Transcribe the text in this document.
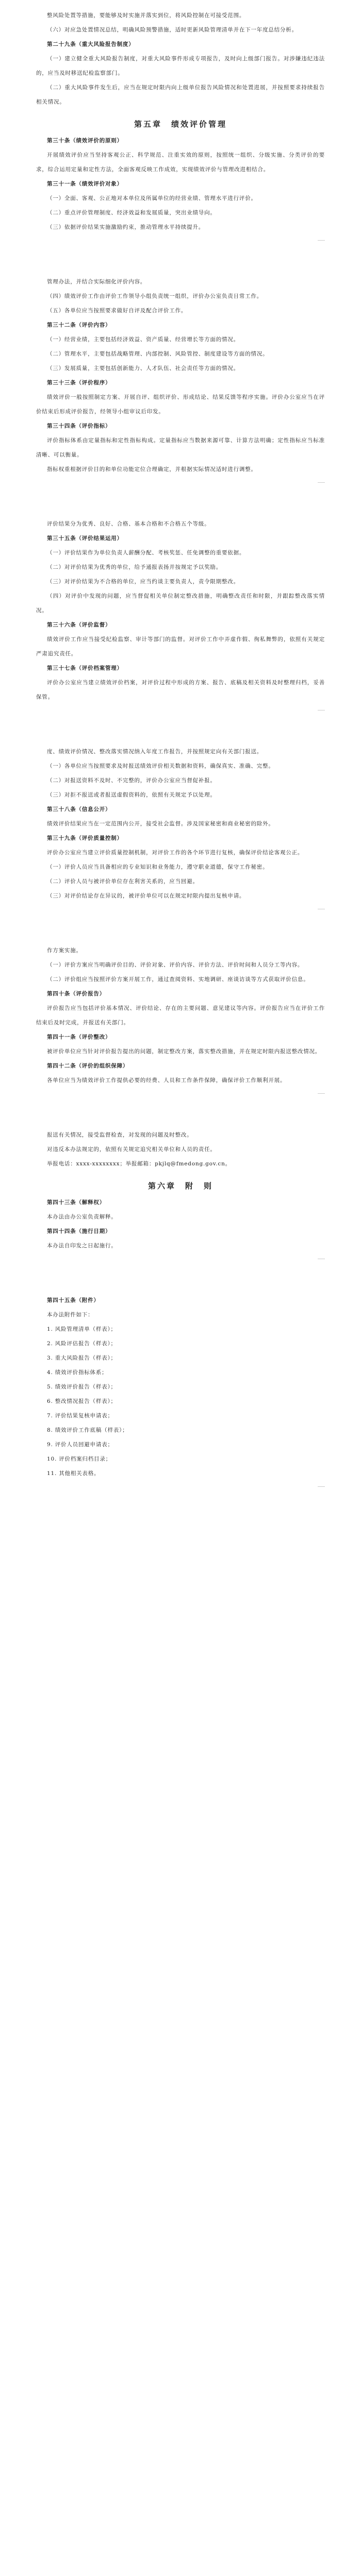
整风险处置等措施，要能够及时实施并落实到位，将风险控制在可接受范围。

（六）对应急处置情况总结，明确风险预警措施，适时更新风险管理清单并在下一年度总结分析。

第二十九条（重大风险报告制度）

（一）建立健全重大风险报告制度，对重大风险事件形成专项报告，及时向上级部门报告。对涉嫌违纪违法的，应当及时移送纪检监察部门。

（二）重大风险事件发生后，应当在规定时限内向上级单位报告风险情况和处置进展，并按照要求持续报告相关情况。

第五章　绩效评价管理

第三十条（绩效评价的原则）

开展绩效评价应当坚持客观公正、科学规范、注重实效的原则，按照统一组织、分级实施、分类评价的要求，综合运用定量和定性方法，全面客观反映工作成效，实现绩效评价与管理改进相结合。

第三十一条（绩效评价对象）

（一）全面、客观、公正地对本单位及所属单位的经营业绩、管理水平进行评价。

（二）重点评价管理制度、经济效益和发展质量，突出业绩导向。

（三）依据评价结果实施激励约束，推动管理水平持续提升。

管理办法，并结合实际细化评价内容。

（四）绩效评价工作由评价工作领导小组负责统一组织，评价办公室负责日常工作。

（五）各单位应当按照要求做好自评及配合评价工作。

第三十二条（评价内容）

（一）经营业绩，主要包括经济效益、资产质量、经营增长等方面的情况。

（二）管理水平，主要包括战略管理、内部控制、风险管控、制度建设等方面的情况。

（三）发展质量，主要包括创新能力、人才队伍、社会责任等方面的情况。

第三十三条（评价程序）

绩效评价一般按照制定方案、开展自评、组织评价、形成结论、结果反馈等程序实施。评价办公室应当在评价结束后形成评价报告，经领导小组审议后印发。

第三十四条（评价指标）

评价指标体系由定量指标和定性指标构成。定量指标应当数据来源可靠、计算方法明确；定性指标应当标准清晰、可以衡量。

指标权重根据评价目的和单位功能定位合理确定，并根据实际情况适时进行调整。

评价结果分为优秀、良好、合格、基本合格和不合格五个等级。

第三十五条（评价结果运用）

（一）评价结果作为单位负责人薪酬分配、考核奖惩、任免调整的重要依据。

（二）对评价结果为优秀的单位，给予通报表扬并按规定予以奖励。

（三）对评价结果为不合格的单位，应当约谈主要负责人，责令限期整改。

（四）对评价中发现的问题，应当督促相关单位制定整改措施，明确整改责任和时限，并跟踪整改落实情况。

第三十六条（评价监督）

绩效评价工作应当接受纪检监察、审计等部门的监督。对评价工作中弄虚作假、徇私舞弊的，依照有关规定严肃追究责任。

第三十七条（评价档案管理）

评价办公室应当建立绩效评价档案，对评价过程中形成的方案、报告、底稿及相关资料及时整理归档，妥善保管。

度、绩效评价情况、整改落实情况纳入年度工作报告，并按照规定向有关部门报送。

（一）各单位应当按照要求及时报送绩效评价相关数据和资料，确保真实、准确、完整。

（二）对报送资料不及时、不完整的，评价办公室应当督促补报。

（三）对拒不报送或者报送虚假资料的，依照有关规定予以处理。

第三十八条（信息公开）

绩效评价结果应当在一定范围内公开，接受社会监督。涉及国家秘密和商业秘密的除外。

第三十九条（评价质量控制）

评价办公室应当建立评价质量控制机制，对评价工作的各个环节进行复核，确保评价结论客观公正。

（一）评价人员应当具备相应的专业知识和业务能力，遵守职业道德，保守工作秘密。

（二）评价人员与被评价单位存在利害关系的，应当回避。

（三）对评价结论存在异议的，被评价单位可以在规定时限内提出复核申请。

作方案实施。

（一）评价方案应当明确评价目的、评价对象、评价内容、评价方法、评价时间和人员分工等内容。

（二）评价组应当按照评价方案开展工作，通过查阅资料、实地调研、座谈访谈等方式获取评价信息。

第四十条（评价报告）

评价报告应当包括评价基本情况、评价结论、存在的主要问题、意见建议等内容。评价报告应当在评价工作结束后及时完成，并报送有关部门。

第四十一条（评价整改）

被评价单位应当针对评价报告提出的问题，制定整改方案，落实整改措施，并在规定时限内报送整改情况。

第四十二条（评价的组织保障）

各单位应当为绩效评价工作提供必要的经费、人员和工作条件保障，确保评价工作顺利开展。

报送有关情况，接受监督检查，对发现的问题及时整改。

对违反本办法规定的，依照有关规定追究相关单位和人员的责任。

举报电话：xxxx-xxxxxxxx；举报邮箱：pkjlq@fmedong.gov.cn。

第六章　附　则

第四十三条（解释权）

本办法由办公室负责解释。

第四十四条（施行日期）

本办法自印发之日起施行。

第四十五条（附件）

本办法附件如下：

1. 风险管理清单（样表）；

2. 风险评估报告（样表）；

3. 重大风险报告（样表）；

4. 绩效评价指标体系；

5. 绩效评价报告（样表）；

6. 整改情况报告（样表）；

7. 评价结果复核申请表；

8. 绩效评价工作底稿（样表）；

9. 评价人员回避申请表；

10. 评价档案归档目录；

11. 其他相关表格。
